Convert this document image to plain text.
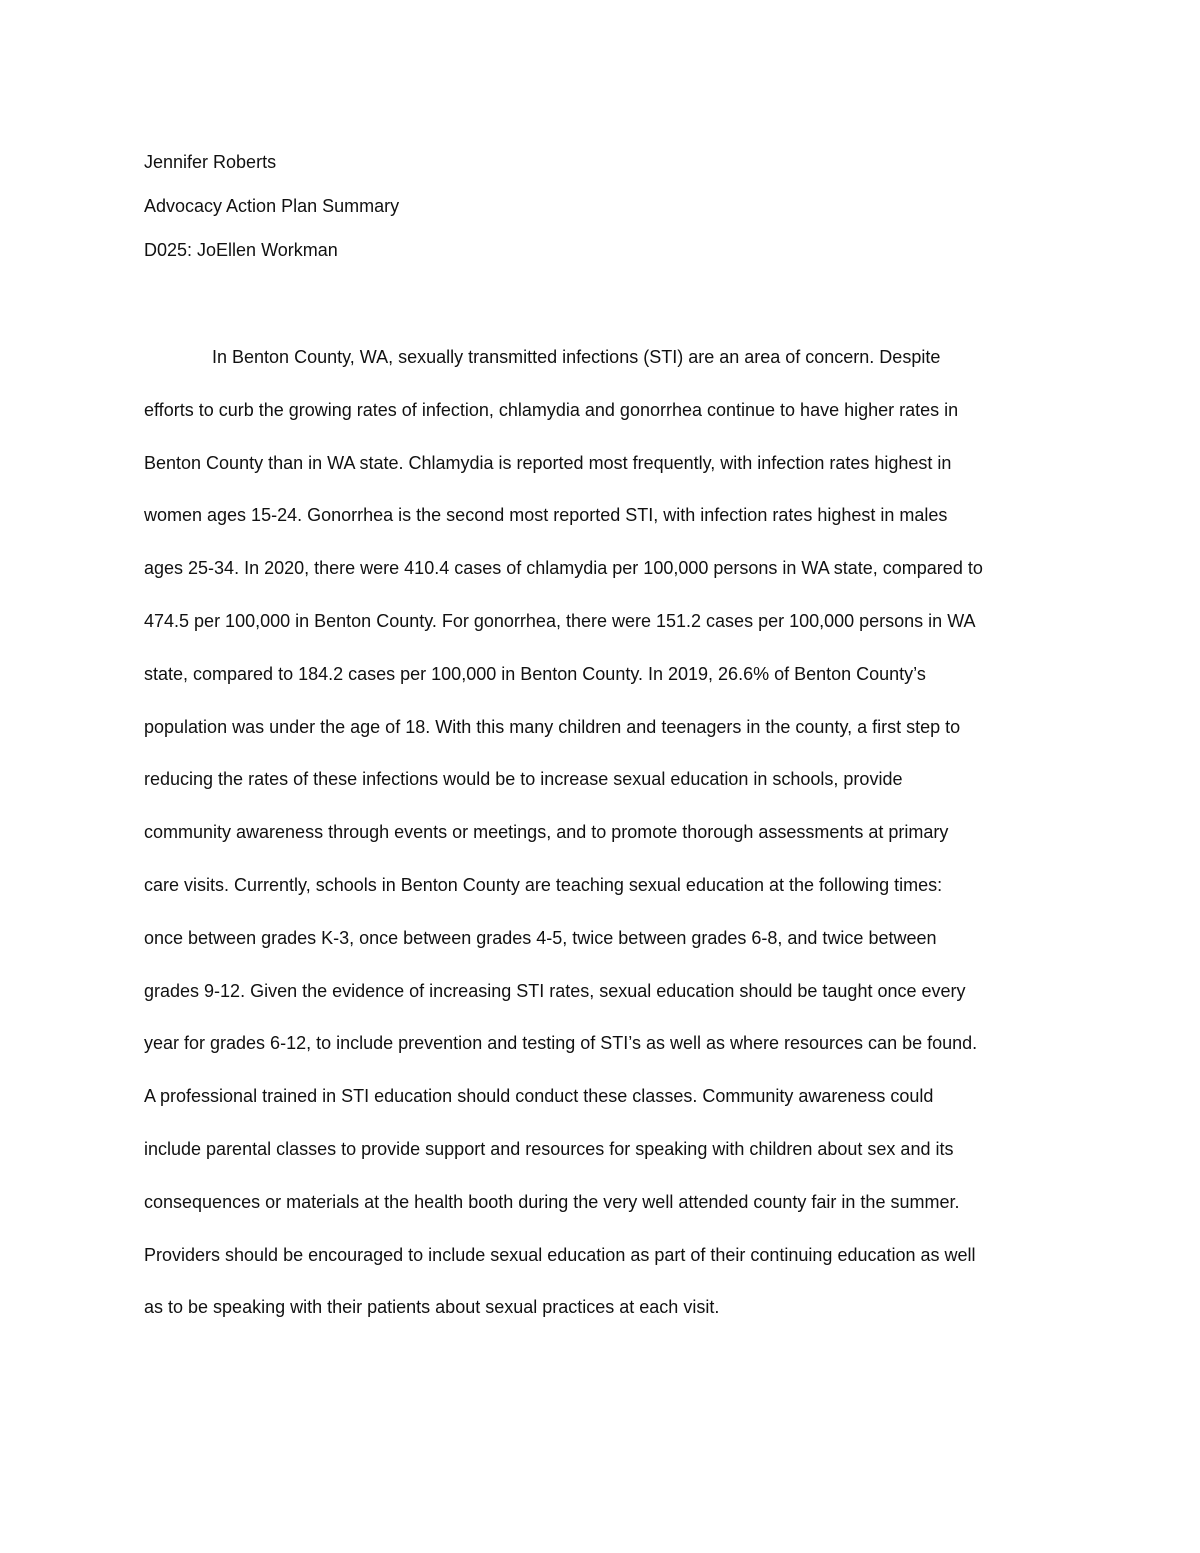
Jennifer Roberts
Advocacy Action Plan Summary
D025: JoEllen Workman
In Benton County, WA, sexually transmitted infections (STI) are an area of concern. Despite
efforts to curb the growing rates of infection, chlamydia and gonorrhea continue to have higher rates in
Benton County than in WA state. Chlamydia is reported most frequently, with infection rates highest in
women ages 15-24. Gonorrhea is the second most reported STI, with infection rates highest in males
ages 25-34. In 2020, there were 410.4 cases of chlamydia per 100,000 persons in WA state, compared to
474.5 per 100,000 in Benton County. For gonorrhea, there were 151.2 cases per 100,000 persons in WA
state, compared to 184.2 cases per 100,000 in Benton County. In 2019, 26.6% of Benton County’s
population was under the age of 18. With this many children and teenagers in the county, a first step to
reducing the rates of these infections would be to increase sexual education in schools, provide
community awareness through events or meetings, and to promote thorough assessments at primary
care visits. Currently, schools in Benton County are teaching sexual education at the following times:
once between grades K-3, once between grades 4-5, twice between grades 6-8, and twice between
grades 9-12. Given the evidence of increasing STI rates, sexual education should be taught once every
year for grades 6-12, to include prevention and testing of STI’s as well as where resources can be found.
A professional trained in STI education should conduct these classes. Community awareness could
include parental classes to provide support and resources for speaking with children about sex and its
consequences or materials at the health booth during the very well attended county fair in the summer.
Providers should be encouraged to include sexual education as part of their continuing education as well
as to be speaking with their patients about sexual practices at each visit.
